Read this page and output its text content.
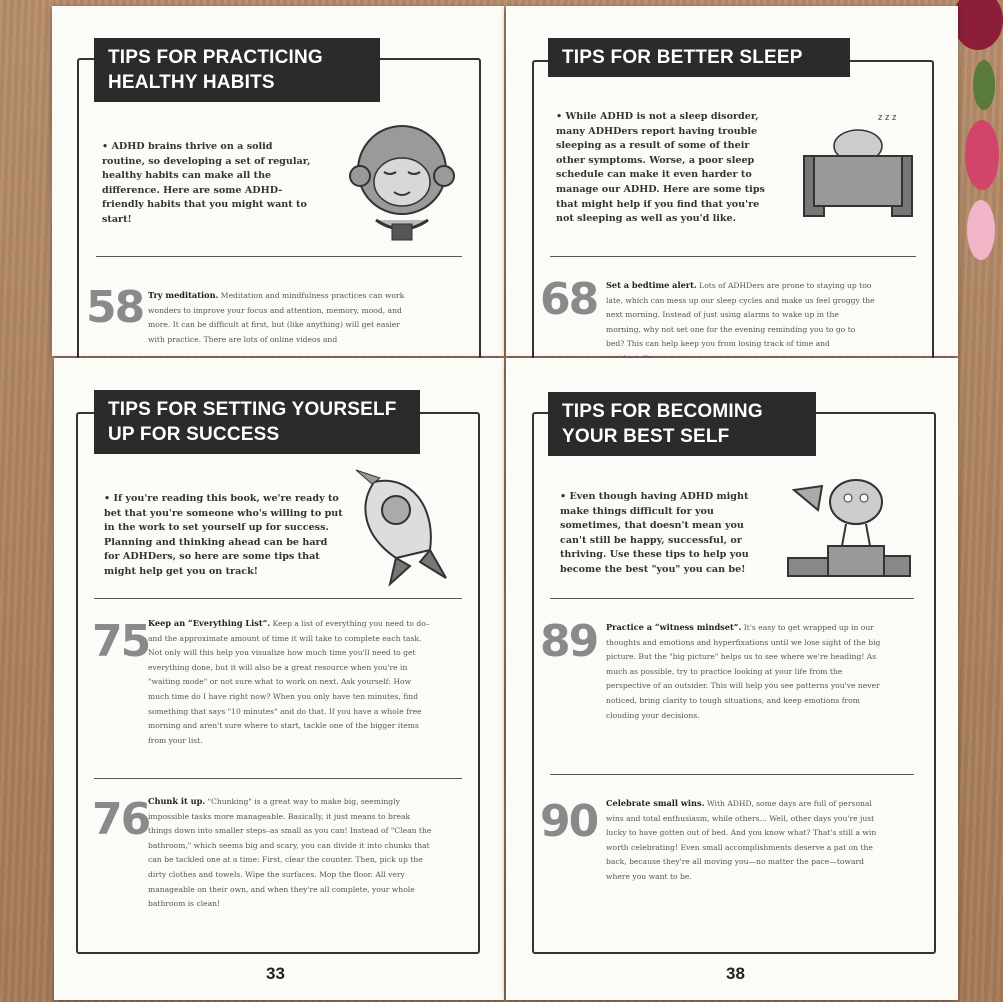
TIPS FOR PRACTICING
HEALTHY HABITS
• ADHD brains thrive on a solid routine, so developing a set of regular, healthy habits can make all the difference. Here are some ADHD-friendly habits that you might want to start!
58 Try meditation. Meditation and mindfulness practices can work wonders to improve your focus and attention, memory, mood, and more. It can be difficult at first, but (like anything) will get easier with practice. There are lots of online videos and
TIPS FOR BETTER SLEEP
• While ADHD is not a sleep disorder, many ADHDers report having trouble sleeping as a result of some of their other symptoms. Worse, a poor sleep schedule can make it even harder to manage our ADHD. Here are some tips that might help if you find that you're not sleeping as well as you'd like.
z z z
68 Set a bedtime alert. Lots of ADHDers are prone to staying up too late, which can mess up our sleep cycles and make us feel groggy the next morning. Instead of just using alarms to wake up in the morning, why not set one for the evening reminding you to go to bed? This can help keep you from losing track of time and
TIPS FOR SETTING YOURSELF
UP FOR SUCCESS
• If you're reading this book, we're ready to bet that you're someone who's willing to put in the work to set yourself up for success. Planning and thinking ahead can be hard for ADHDers, so here are some tips that might help get you on track!
75
Keep an “Everything List”. Keep a list of everything you need to do–and the approximate amount of time it will take to complete each task. Not only will this help you visualize how much time you'll need to get everything done, but it will also be a great resource when you're in "waiting mode" or not sure what to work on next. Ask yourself: How much time do I have right now? When you only have ten minutes, find something that says "10 minutes" and do that. If you have a whole free morning and aren't sure where to start, tackle one of the bigger items from your list.
76
Chunk it up. "Chunking" is a great way to make big, seemingly impossible tasks more manageable. Basically, it just means to break things down into smaller steps–as small as you can! Instead of "Clean the bathroom," which seems big and scary, you can divide it into chunks that can be tackled one at a time: First, clear the counter. Then, pick up the dirty clothes and towels. Wipe the surfaces. Mop the floor. All very manageable on their own, and when they're all complete, your whole bathroom is clean!
33
TIPS FOR BECOMING
YOUR BEST SELF
• Even though having ADHD might make things difficult for you sometimes, that doesn't mean you can't still be happy, successful, or thriving. Use these tips to help you become the best "you" you can be!
89 Practice a “witness mindset”. It's easy to get wrapped up in our thoughts and emotions and hyperfixations until we lose sight of the big picture. But the "big picture" helps us to see where we're heading! As much as possible, try to practice looking at your life from the perspective of an outsider. This will help you see patterns you've never noticed, bring clarity to tough situations, and keep emotions from clouding your decisions.
90 Celebrate small wins. With ADHD, some days are full of personal wins and total enthusiasm, while others... Well, other days you're just lucky to have gotten out of bed. And you know what? That's still a win worth celebrating! Even small accomplishments deserve a pat on the back, because they're all moving you—no matter the pace—toward where you want to be.
38
